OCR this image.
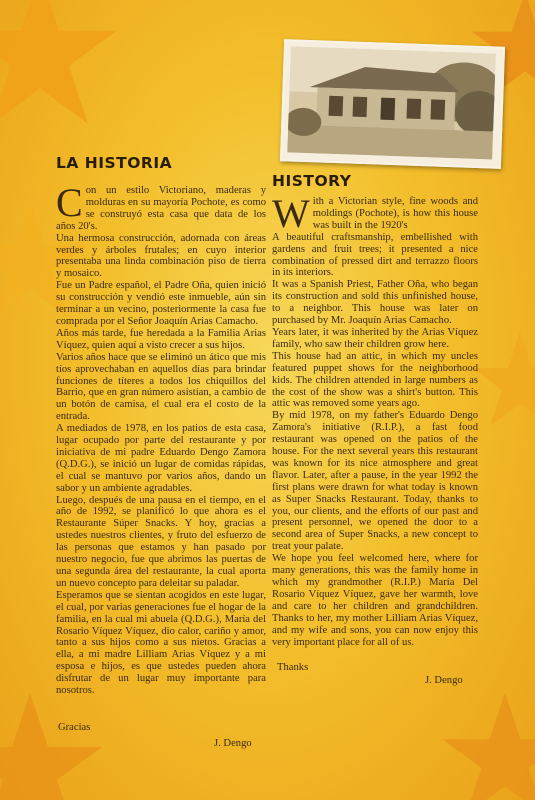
LA HISTORIA

Con un estilo Victoriano, maderas y molduras en su mayoría Pochote, es como se construyó esta casa que data de los años 20's.

Una hermosa construcción, adornada con áreas verdes y árboles frutales; en cuyo interior presentaba una linda combinación piso de tierra y mosaico.

Fue un Padre español, el Padre Oña, quien inició su construcción y vendió este inmueble, aún sin terminar a un vecino, posteriormente la casa fue comprada por el Señor Joaquín Arias Camacho.

Años más tarde, fue heredada a la Familia Arias Víquez, quien aquí a visto crecer a sus hijos.

Varios años hace que se eliminó un ático que mis tíos aprovechaban en aquellos días para brindar funciones de títeres a todos los chiquillos del Barrio, que en gran número asistían, a cambio de un botón de camisa, el cual era el costo de la entrada.

A mediados de 1978, en los patios de esta casa, lugar ocupado por parte del restaurante y por iniciativa de mi padre Eduardo Dengo Zamora (Q.D.G.), se inició un lugar de comidas rápidas, el cual se mantuvo por varios años, dando un sabor y un ambiente agradables.

Luego, después de una pausa en el tiempo, en el año de 1992, se planificó lo que ahora es el Restaurante Súper Snacks. Y hoy, gracias a ustedes nuestros clientes, y fruto del esfuerzo de las personas que estamos y han pasado por nuestro negocio, fue que abrimos las puertas de una segunda área del restaurante, la cual aporta un nuevo concepto para deleitar su paladar.

Esperamos que se sientan acogidos en este lugar, el cual, por varias generaciones fue el hogar de la familia, en la cual mi abuela (Q.D.G.), María del Rosario Víquez Víquez, dio calor, cariño y amor, tanto a sus hijos como a sus nietos. Gracias a ella, a mi madre Lilliam Arias Víquez y a mi esposa e hijos, es que ustedes pueden ahora disfrutar de un lugar muy importante para nosotros.

Gracias
J. Dengo
HISTORY

With a Victorian style, fine woods and moldings (Pochote), is how this house was built in the 1920's

A beautiful craftsmanship, embellished with gardens and fruit trees; it presented a nice combination of pressed dirt and terrazzo floors in its interiors.

It was a Spanish Priest, Father Oña, who began its construction and sold this unfinished house, to a neighbor. This house was later on purchased by Mr. Joaquín Arias Camacho.

Years later, it was inherited by the Arias Víquez family, who saw their children grow here.

This house had an attic, in which my uncles featured puppet shows for the neighborhood kids. The children attended in large numbers as the cost of the show was a shirt's button. This attic was removed some years ago.

By mid 1978, on my father's Eduardo Dengo Zamora's initiative (R.I.P.), a fast food restaurant was opened on the patios of the house. For the next several years this restaurant was known for its nice atmosphere and great flavor. Later, after a pause, in the year 1992 the first plans were drawn for what today is known as Super Snacks Restaurant. Today, thanks to you, our clients, and the efforts of our past and present personnel, we opened the door to a second area of Super Snacks, a new concept to treat your palate.

We hope you feel welcomed here, where for many generations, this was the family home in which my grandmother (R.I.P.) María Del Rosario Víquez Víquez, gave her warmth, love and care to her children and grandchildren. Thanks to her, my mother Lilliam Arias Víquez, and my wife and sons, you can now enjoy this very important place for all of us.

Thanks
J. Dengo
